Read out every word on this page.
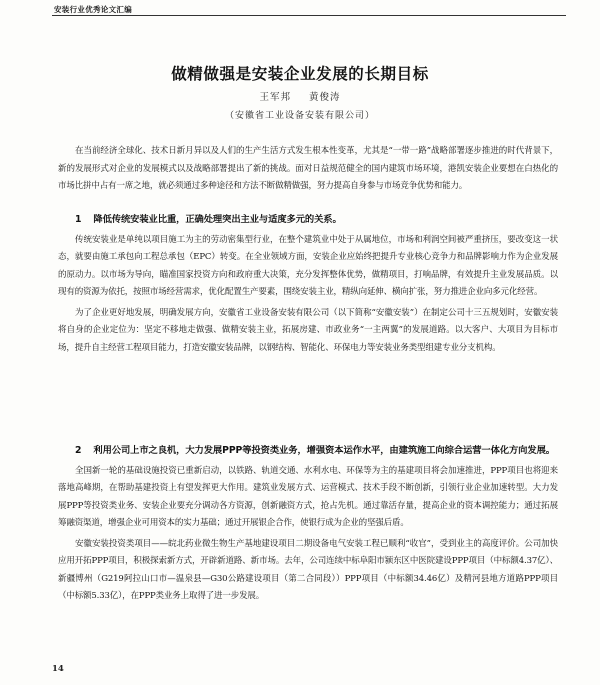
安装行业优秀论文汇编
做精做强是安装企业发展的长期目标
王军邦 黄俊涛
（安徽省工业设备安装有限公司）

在当前经济全球化、技术日新月异以及人们的生产生活方式发生根本性变革，尤其是“一带一路”战略部署逐步推进的时代背景下，新的发展形式对企业的发展模式以及战略部署提出了新的挑战。面对日益规范健全的国内建筑市场环境，港凯安装企业要想在白热化的市场比拼中占有一席之地，就必须通过多种途径和方法不断做精做强，努力提高自身参与市场竞争优势和能力。

1 降低传统安装业比重，正确处理突出主业与适度多元的关系。

传统安装业是单纯以项目施工为主的劳动密集型行业，在整个建筑业中处于从属地位，市场和利润空间被严重挤压，要改变这一状态，就要由施工承包向工程总承包（EPC）转变。在全业领域方面，安装企业应始终把提升专业核心竞争力和品牌影响力作为企业发展的原动力。以市场为导向，瞄准国家投资方向和政府重大决策，充分发挥整体优势，做精项目，打响品牌，有效提升主业发展品质。以现有的资源为依托，按照市场经营需求，优化配置生产要素，围绕安装主业，精纵向延伸、横向扩张，努力推进企业向多元化经营。

为了企业更好地发展，明确发展方向，安徽省工业设备安装有限公司（以下简称“安徽安装”）在制定公司十三五规划时，安徽安装将自身的企业定位为：坚定不移地走做强、做精安装主业，拓展房建、市政业务“一主两翼”的发展道路。以大客户、大项目为目标市场，提升自主经营工程项目能力，打造安徽安装品牌，以钢结构、智能化、环保电力等安装业务类型组建专业分支机构。

2 利用公司上市之良机，大力发展PPP等投资类业务，增强资本运作水平，由建筑施工向综合运营一体化方向发展。

全国新一轮的基础设施投资已重新启动，以铁路、轨道交通、水利水电、环保等为主的基建项目将会加速推进，PPP项目也将迎来落地高峰期，在帮助基建投资上有望发挥更大作用。建筑业发展方式、运营模式、技术手段不断创新，引领行业企业加速转型。大力发展PPP等投资类业务、安装企业要充分调动各方资源，创新融资方式，抢占先机。通过靠活存量，提高企业的资本调控能力；通过拓展筹融资渠道，增强企业可用资本的实力基础；通过开展银企合作，使银行成为企业的坚强后盾。

安徽安装投资类项目——皖北药业微生物生产基地建设项目二期设备电气安装工程已顺利“收官”，受到业主的高度评价。公司加快应用开拓PPP项目，积极探索新方式，开辟新道路、新市场。去年，公司连续中标阜阳市颍东区中医院建设PPP项目（中标额4.37亿）、新疆博州（G219阿拉山口市—温泉县—G30公路建设项目（第二合同段））PPP项目（中标额34.46亿）及精河县地方道路PPP项目（中标额5.33亿），在PPP类业务上取得了进一步发展。

14
